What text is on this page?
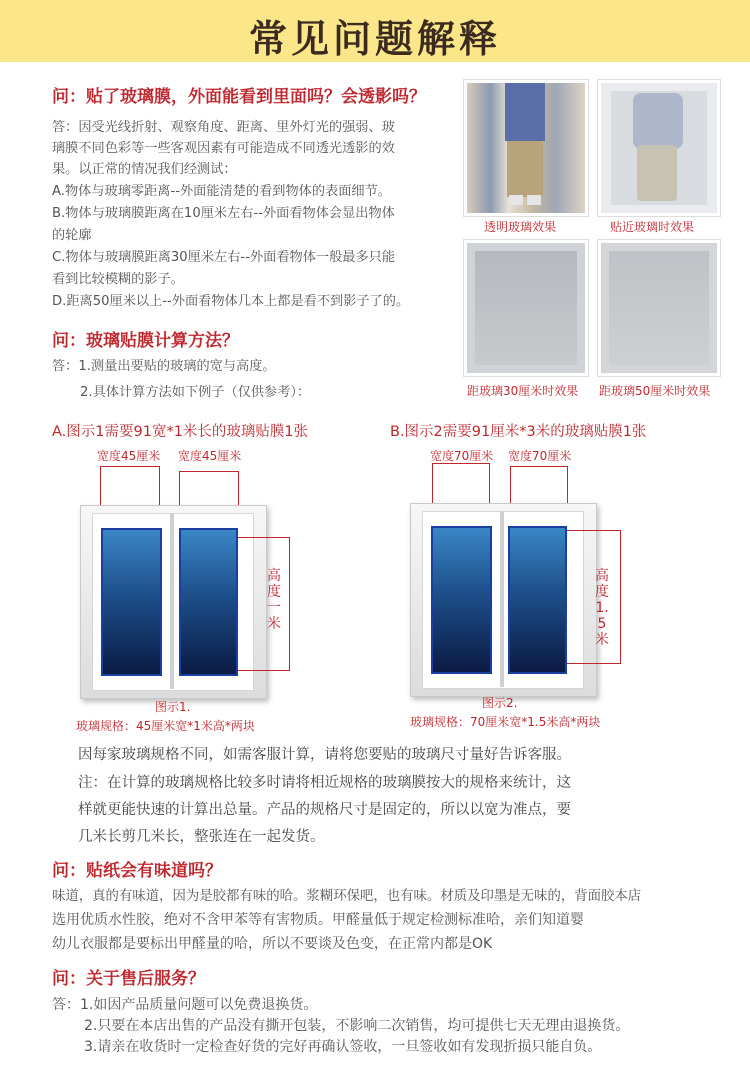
常见问题解释
问：贴了玻璃膜，外面能看到里面吗？会透影吗？
答：因受光线折射、观察角度、距离、里外灯光的强弱、玻
璃膜不同色彩等一些客观因素有可能造成不同透光透影的效
果。以正常的情况我们经测试：
A.物体与玻璃零距离--外面能清楚的看到物体的表面细节。
B.物体与玻璃膜距离在10厘米左右--外面看物体会显出物体
的轮廓
C.物体与玻璃膜距离30厘米左右--外面看物体一般最多只能
看到比较模糊的影子。
D.距离50厘米以上--外面看物体几本上都是看不到影子了的。
透明玻璃效果	贴近玻璃时效果
距玻璃30厘米时效果 距玻璃50厘米时效果
问：玻璃贴膜计算方法？
答：1.测量出要贴的玻璃的宽与高度。
2.具体计算方法如下例子（仅供参考）：
A.图示1需要91宽*1米长的玻璃贴膜1张
宽度45厘米 宽度45厘米
高
度
一
米
图示1.
玻璃规格：45厘米宽*1米高*两块
B.图示2需要91厘米*3米的玻璃贴膜1张
宽度70厘米 宽度70厘米
高
度
1.
5
米
图示2.
玻璃规格：70厘米宽*1.5米高*两块
因每家玻璃规格不同，如需客服计算，请将您要贴的玻璃尺寸量好告诉客服。
注：在计算的玻璃规格比较多时请将相近规格的玻璃膜按大的规格来统计，这
样就更能快速的计算出总量。产品的规格尺寸是固定的，所以以宽为准点，要
几米长剪几米长，整张连在一起发货。
问：贴纸会有味道吗？
味道，真的有味道，因为是胶都有味的哈。浆糊环保吧，也有味。材质及印墨是无味的，背面胶本店
选用优质水性胶，绝对不含甲苯等有害物质。甲醛量低于规定检测标准哈，亲们知道婴
幼儿衣服都是要标出甲醛量的哈，所以不要谈及色变，在正常内都是OK
问：关于售后服务？
答：1.如因产品质量问题可以免费退换货。
2.只要在本店出售的产品没有撕开包装，不影响二次销售，均可提供七天无理由退换货。
3.请亲在收货时一定检查好货的完好再确认签收，一旦签收如有发现折损只能自负。
